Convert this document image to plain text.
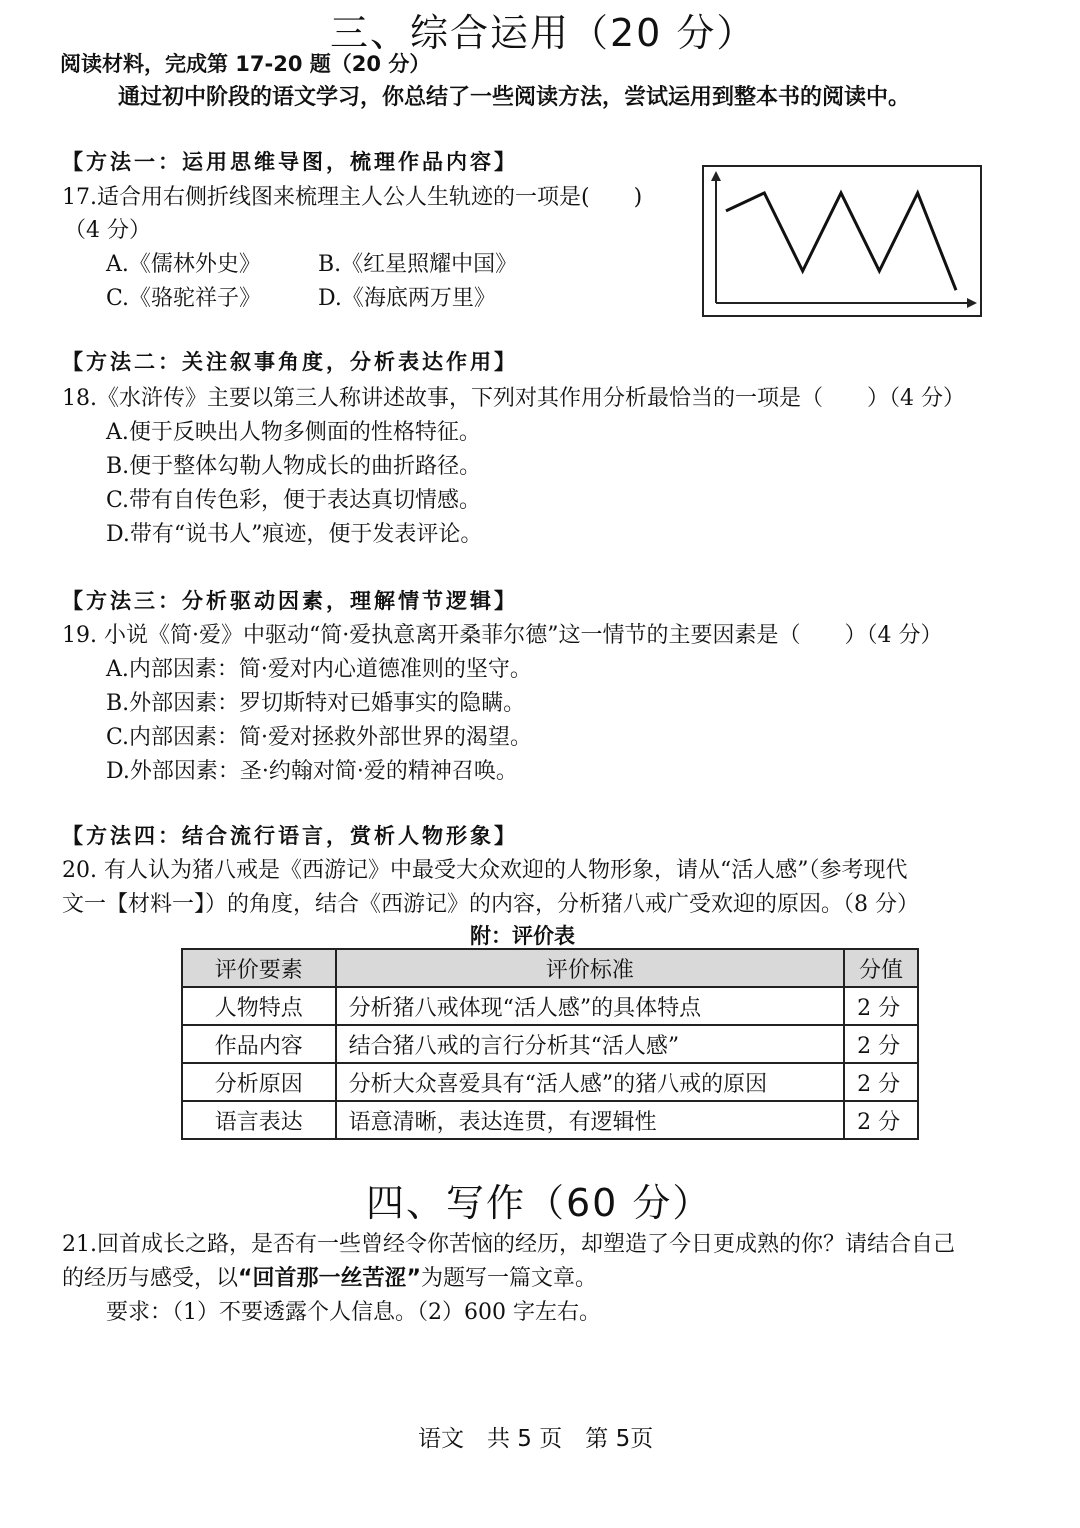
三、综合运用（20 分）
阅读材料，完成第 17-20 题（20 分）
通过初中阶段的语文学习，你总结了一些阅读方法，尝试运用到整本书的阅读中。
【方法一：运用思维导图，梳理作品内容】
17.适合用右侧折线图来梳理主人公人生轨迹的一项是(　　)
（4 分）
A.《儒林外史》	B.《红星照耀中国》
C.《骆驼祥子》	D.《海底两万里》
【方法二：关注叙事角度，分析表达作用】
18.《水浒传》主要以第三人称讲述故事，下列对其作用分析最恰当的一项是（　　）（4 分）
A.便于反映出人物多侧面的性格特征。
B.便于整体勾勒人物成长的曲折路径。
C.带有自传色彩，便于表达真切情感。
D.带有“说书人”痕迹，便于发表评论。
【方法三：分析驱动因素，理解情节逻辑】
19. 小说《简·爱》中驱动“简·爱执意离开桑菲尔德”这一情节的主要因素是（　　）（4 分）
A.内部因素：简·爱对内心道德准则的坚守。
B.外部因素：罗切斯特对已婚事实的隐瞒。
C.内部因素：简·爱对拯救外部世界的渴望。
D.外部因素：圣·约翰对简·爱的精神召唤。
【方法四：结合流行语言，赏析人物形象】
20. 有人认为猪八戒是《西游记》中最受大众欢迎的人物形象，请从“活人感”（参考现代
文一【材料一】）的角度，结合《西游记》的内容，分析猪八戒广受欢迎的原因。（8 分）
附：评价表
评价要素	评价标准	分值
人物特点	分析猪八戒体现“活人感”的具体特点	2 分
作品内容	结合猪八戒的言行分析其“活人感”	2 分
分析原因	分析大众喜爱具有“活人感”的猪八戒的原因	2 分
语言表达	语意清晰，表达连贯，有逻辑性	2 分
四、写作（60 分）
21.回首成长之路，是否有一些曾经令你苦恼的经历，却塑造了今日更成熟的你？请结合自己
的经历与感受，以“回首那一丝苦涩”为题写一篇文章。
要求：（1）不要透露个人信息。（2）600 字左右。
语文　共 5 页　第 5页
